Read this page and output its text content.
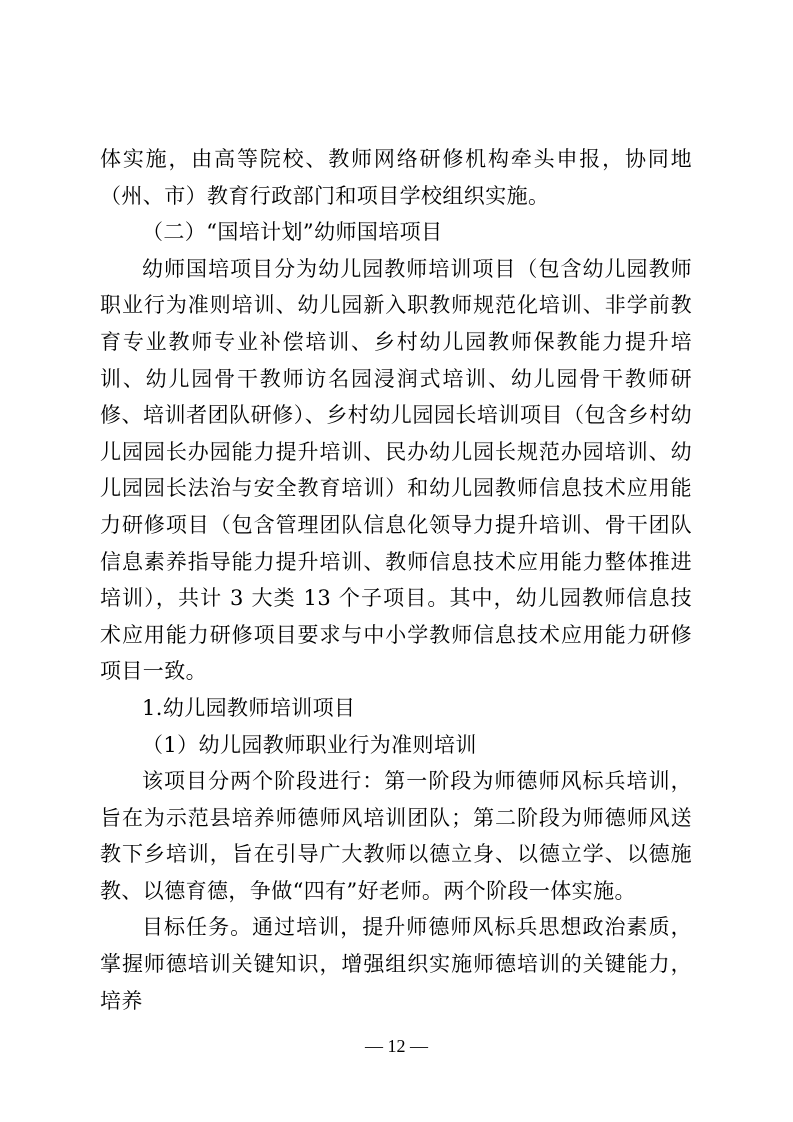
体实施，由高等院校、教师网络研修机构牵头申报，协同地（州、市）教育行政部门和项目学校组织实施。

（二）“国培计划”幼师国培项目

幼师国培项目分为幼儿园教师培训项目（包含幼儿园教师职业行为准则培训、幼儿园新入职教师规范化培训、非学前教育专业教师专业补偿培训、乡村幼儿园教师保教能力提升培训、幼儿园骨干教师访名园浸润式培训、幼儿园骨干教师研修、培训者团队研修）、乡村幼儿园园长培训项目（包含乡村幼儿园园长办园能力提升培训、民办幼儿园长规范办园培训、幼儿园园长法治与安全教育培训）和幼儿园教师信息技术应用能力研修项目（包含管理团队信息化领导力提升培训、骨干团队信息素养指导能力提升培训、教师信息技术应用能力整体推进培训），共计 3 大类 13 个子项目。其中，幼儿园教师信息技术应用能力研修项目要求与中小学教师信息技术应用能力研修项目一致。

1.幼儿园教师培训项目

（1）幼儿园教师职业行为准则培训

该项目分两个阶段进行：第一阶段为师德师风标兵培训，旨在为示范县培养师德师风培训团队；第二阶段为师德师风送教下乡培训，旨在引导广大教师以德立身、以德立学、以德施教、以德育德，争做“四有”好老师。两个阶段一体实施。

目标任务。通过培训，提升师德师风标兵思想政治素质，掌握师德培训关键知识，增强组织实施师德培训的关键能力，培养

— 12 —
